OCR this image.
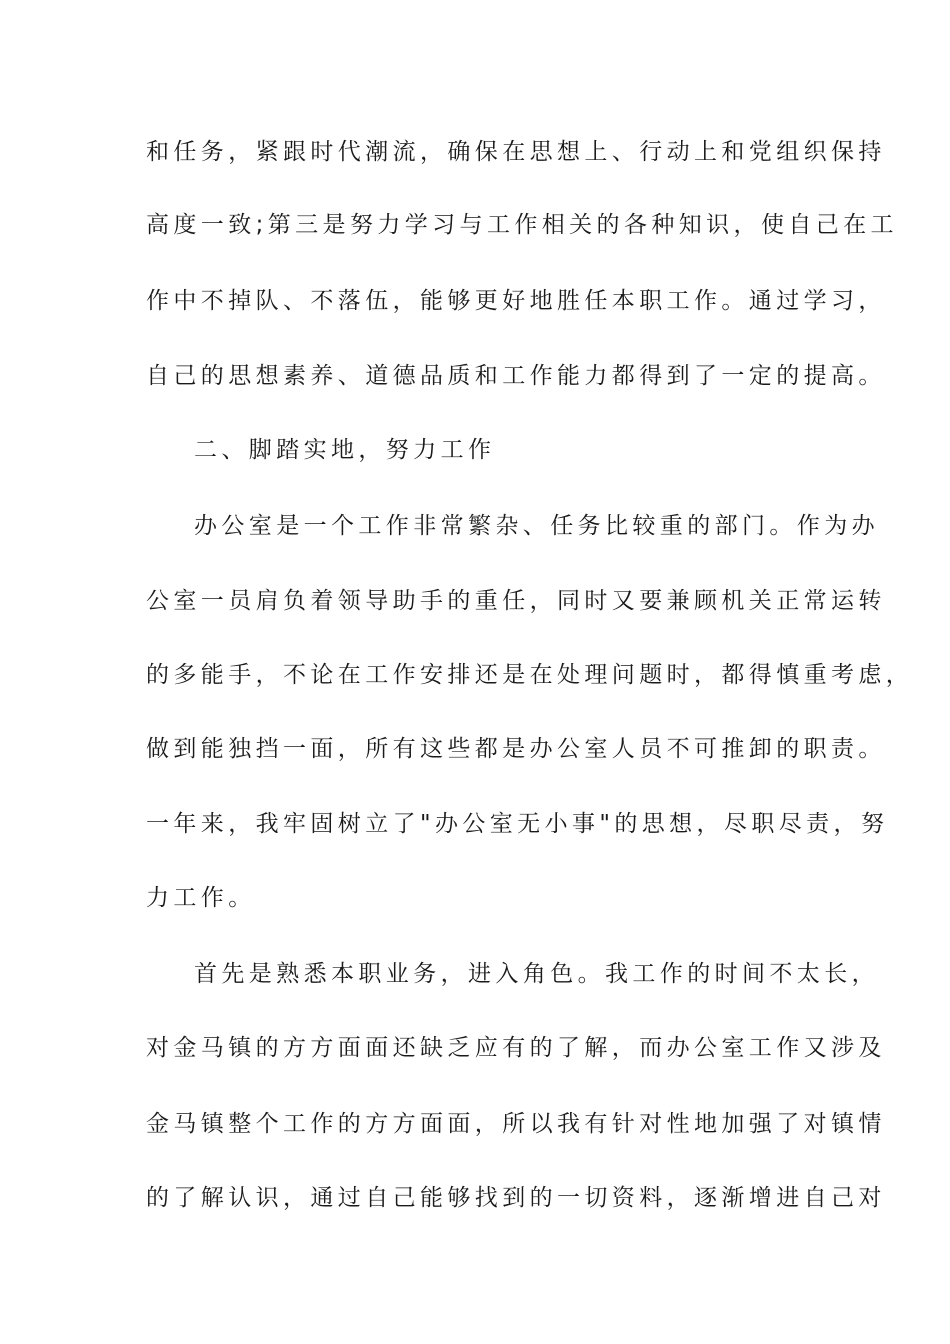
和任务，紧跟时代潮流，确保在思想上、行动上和党组织保持
高度一致;第三是努力学习与工作相关的各种知识，使自己在工
作中不掉队、不落伍，能够更好地胜任本职工作。通过学习，
自己的思想素养、道德品质和工作能力都得到了一定的提高。
二、脚踏实地，努力工作
办公室是一个工作非常繁杂、任务比较重的部门。作为办
公室一员肩负着领导助手的重任，同时又要兼顾机关正常运转
的多能手，不论在工作安排还是在处理问题时，都得慎重考虑，
做到能独挡一面，所有这些都是办公室人员不可推卸的职责。
一年来，我牢固树立了"办公室无小事"的思想，尽职尽责，努
力工作。
首先是熟悉本职业务，进入角色。我工作的时间不太长，
对金马镇的方方面面还缺乏应有的了解，而办公室工作又涉及
金马镇整个工作的方方面面，所以我有针对性地加强了对镇情
的了解认识，通过自己能够找到的一切资料，逐渐增进自己对
